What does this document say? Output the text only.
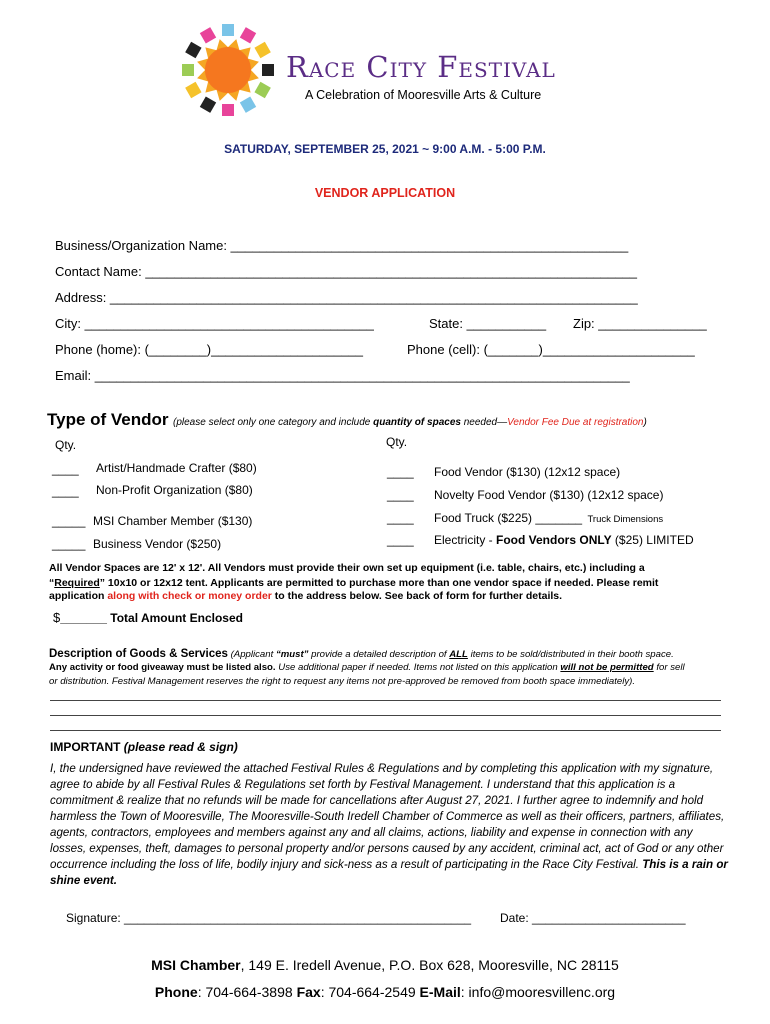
Race City Festival
A Celebration of Mooresville Arts & Culture
SATURDAY, SEPTEMBER 25, 2021 ~ 9:00 A.M. - 5:00 P.M.
VENDOR APPLICATION
Business/Organization Name: _______________________________________________________
Contact Name: ____________________________________________________________________
Address: _________________________________________________________________________
City: ________________________________________	State: ___________ Zip: _______________
Phone (home): (________)_____________________	Phone (cell): (_______)_____________________
Email: __________________________________________________________________________
Type of Vendor (please select only one category and include quantity of spaces needed—Vendor Fee Due at registration)
Qty.	Qty.
____ Artist/Handmade Crafter ($80)
____ Non-Profit Organization ($80)
_____ MSI Chamber Member ($130)
_____ Business Vendor ($250)
____ Food Vendor ($130) (12x12 space)
____ Novelty Food Vendor ($130) (12x12 space)
____ Food Truck ($225) _______ Truck Dimensions
____ Electricity - Food Vendors ONLY ($25) LIMITED
All Vendor Spaces are 12' x 12'. All Vendors must provide their own set up equipment (i.e. table, chairs, etc.) including a
“Required” 10x10 or 12x12 tent. Applicants are permitted to purchase more than one vendor space if needed. Please remit
application along with check or money order to the address below. See back of form for further details.
$_______ Total Amount Enclosed
Description of Goods & Services (Applicant “must” provide a detailed description of ALL items to be sold/distributed in their booth space.
Any activity or food giveaway must be listed also. Use additional paper if needed. Items not listed on this application will not be permitted for sell
or distribution. Festival Management reserves the right to request any items not pre-approved be removed from booth space immediately).
IMPORTANT (please read & sign)
I, the undersigned have reviewed the attached Festival Rules & Regulations and by completing this application with my signature, agree to abide by all Festival Rules & Regulations set forth by Festival Management. I understand that this application is a commitment & realize that no refunds will be made for cancellations after August 27, 2021. I further agree to indemnify and hold harmless the Town of Mooresville, The Mooresville-South Iredell Chamber of Commerce as well as their officers, partners, affiliates, agents, contractors, employees and members against any and all claims, actions, liability and expense in connection with any losses, expenses, theft, damages to personal property and/or persons caused by any accident, criminal act, act of God or any other occurrence including the loss of life, bodily injury and sick-ness as a result of participating in the Race City Festival. This is a rain or shine event.
Signature: ____________________________________________________ Date: _______________________
MSI Chamber, 149 E. Iredell Avenue, P.O. Box 628, Mooresville, NC 28115
Phone: 704-664-3898 Fax: 704-664-2549 E-Mail: info@mooresvillenc.org
